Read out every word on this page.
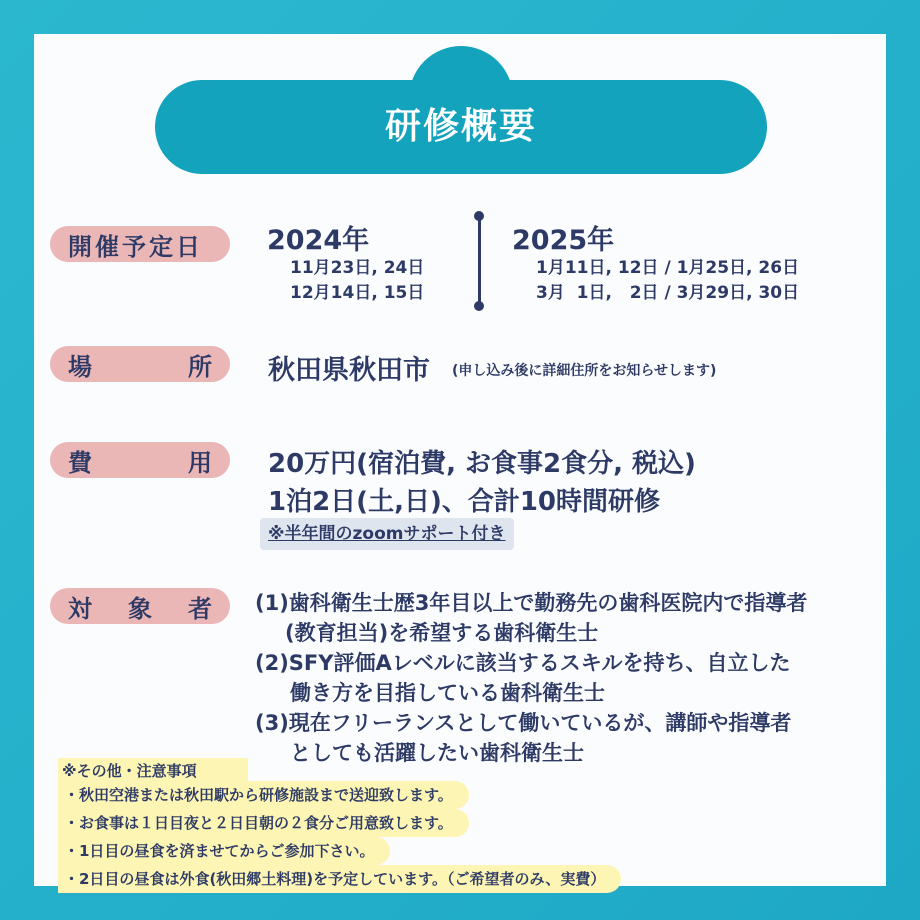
研修概要
開催予定日 2024年
11月23日, 24日
12月14日, 15日
2025年
1月11日, 12日 / 1月25日, 26日
3月  1日,   2日 / 3月29日, 30日
場	所 秋田県秋田市 (申し込み後に詳細住所をお知らせします)
費	用 20万円(宿泊費, お食事2食分, 税込)
1泊2日(土,日)、合計10時間研修
※半年間のzoomサポート付き
対 象 者 (1)歯科衛生士歴3年目以上で勤務先の歯科医院内で指導者
(教育担当)を希望する歯科衛生士
(2)SFY評価Aレベルに該当するスキルを持ち、自立した
働き方を目指している歯科衛生士
(3)現在フリーランスとして働いているが、講師や指導者
としても活躍したい歯科衛生士
※その他・注意事項
・秋田空港または秋田駅から研修施設まで送迎致します。
・お食事は１日目夜と２日目朝の２食分ご用意致します。
・1日目の昼食を済ませてからご参加下さい。
・2日目の昼食は外食(秋田郷土料理)を予定しています。（ご希望者のみ、実費）
